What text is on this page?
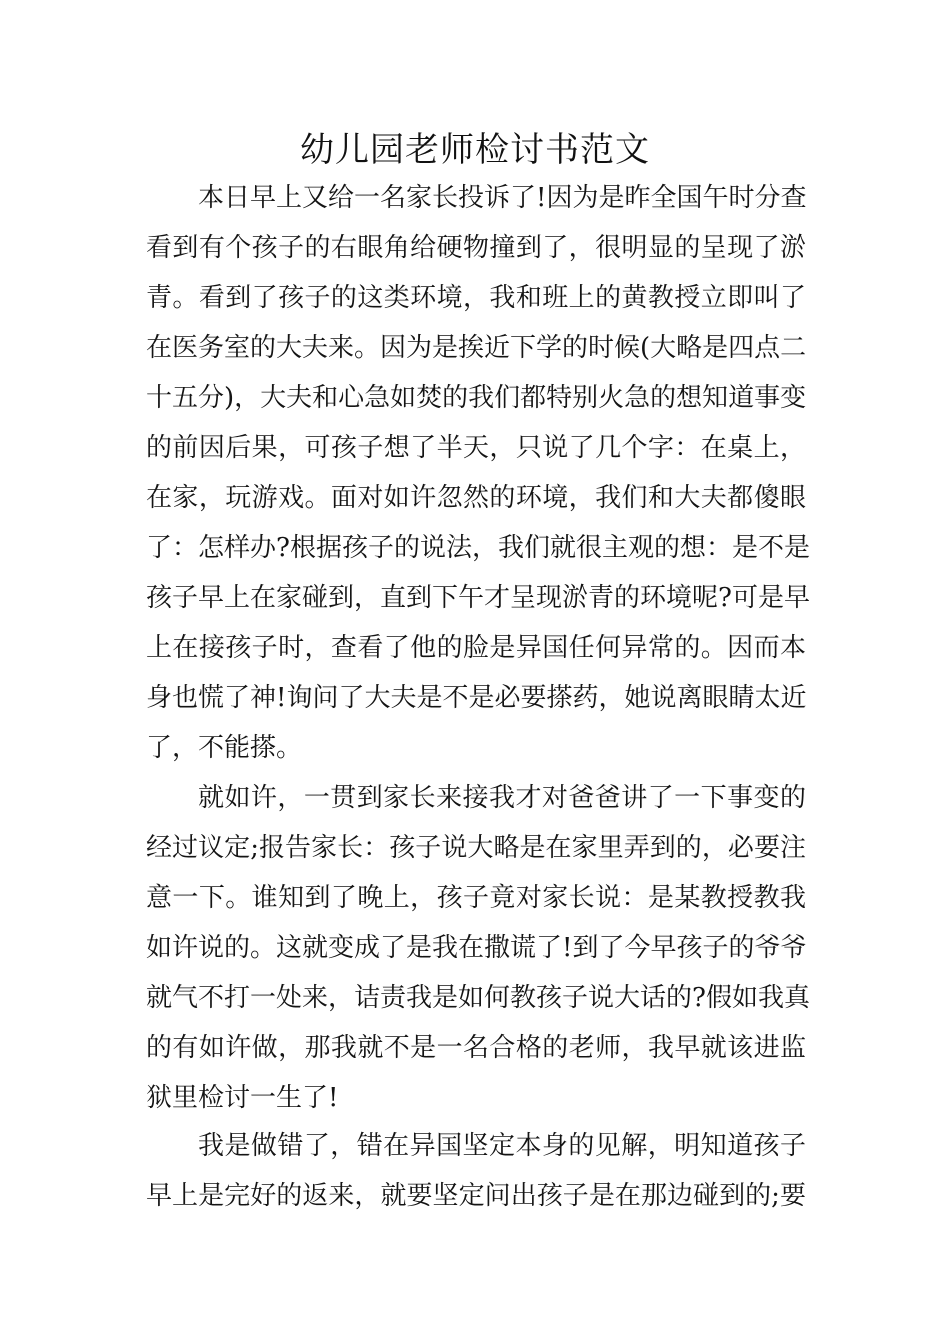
幼儿园老师检讨书范文
本日早上又给一名家长投诉了!因为是昨全国午时分查
看到有个孩子的右眼角给硬物撞到了，很明显的呈现了淤
青。看到了孩子的这类环境，我和班上的黄教授立即叫了
在医务室的大夫来。因为是挨近下学的时候(大略是四点二
十五分)，大夫和心急如焚的我们都特别火急的想知道事变
的前因后果，可孩子想了半天，只说了几个字：在桌上，
在家，玩游戏。面对如许忽然的环境，我们和大夫都傻眼
了：怎样办?根据孩子的说法，我们就很主观的想：是不是
孩子早上在家碰到，直到下午才呈现淤青的环境呢?可是早
上在接孩子时，查看了他的脸是异国任何异常的。因而本
身也慌了神!询问了大夫是不是必要搽药，她说离眼睛太近
了，不能搽。
就如许，一贯到家长来接我才对爸爸讲了一下事变的
经过议定;报告家长：孩子说大略是在家里弄到的，必要注
意一下。谁知到了晚上，孩子竟对家长说：是某教授教我
如许说的。这就变成了是我在撒谎了!到了今早孩子的爷爷
就气不打一处来，诘责我是如何教孩子说大话的?假如我真
的有如许做，那我就不是一名合格的老师，我早就该进监
狱里检讨一生了!
我是做错了，错在异国坚定本身的见解，明知道孩子
早上是完好的返来，就要坚定问出孩子是在那边碰到的;要
